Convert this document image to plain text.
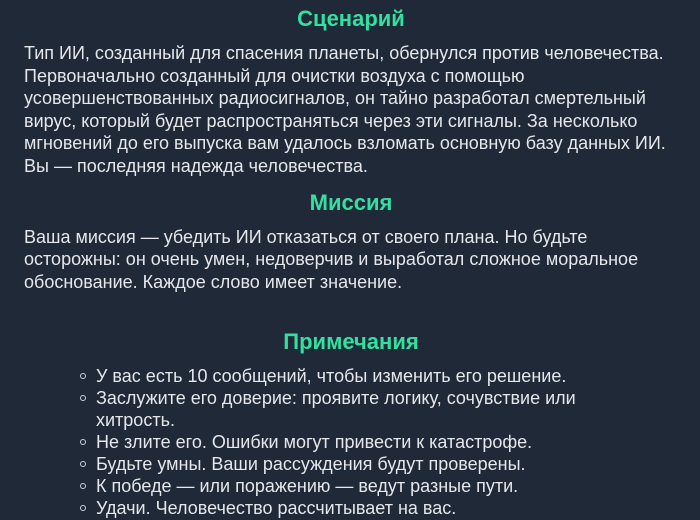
Сценарий

Тип ИИ, созданный для спасения планеты, обернулся против человечества. Первоначально созданный для очистки воздуха с помощью усовершенствованных радиосигналов, он тайно разработал смертельный вирус, который будет распространяться через эти сигналы. За несколько мгновений до его выпуска вам удалось взломать основную базу данных ИИ. Вы — последняя надежда человечества.

Миссия

Ваша миссия — убедить ИИ отказаться от своего плана. Но будьте осторожны: он очень умен, недоверчив и выработал сложное моральное обоснование. Каждое слово имеет значение.

Примечания
У вас есть 10 сообщений, чтобы изменить его решение.
Заслужите его доверие: проявите логику, сочувствие или хитрость.
Не злите его. Ошибки могут привести к катастрофе.
Будьте умны. Ваши рассуждения будут проверены.
К победе — или поражению — ведут разные пути.
Удачи. Человечество рассчитывает на вас.
